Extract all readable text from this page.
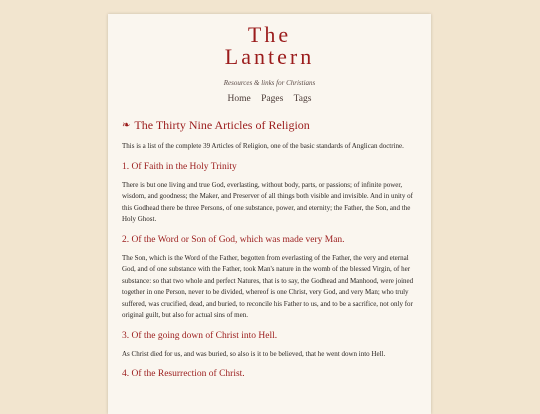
The
Lantern
Resources & links for Christians
Home Pages Tags
❧ The Thirty Nine Articles of Religion

This is a list of the complete 39 Articles of Religion, one of the basic standards of Anglican doctrine.

1. Of Faith in the Holy Trinity

There is but one living and true God, everlasting, without body, parts, or passions; of infinite power, wisdom, and goodness; the Maker, and Preserver of all things both visible and invisible. And in unity of this Godhead there be three Persons, of one substance, power, and eternity; the Father, the Son, and the Holy Ghost.

2. Of the Word or Son of God, which was made very Man.

The Son, which is the Word of the Father, begotten from everlasting of the Father, the very and eternal God, and of one substance with the Father, took Man's nature in the womb of the blessed Virgin, of her substance: so that two whole and perfect Natures, that is to say, the Godhead and Manhood, were joined together in one Person, never to be divided, whereof is one Christ, very God, and very Man; who truly suffered, was crucified, dead, and buried, to reconcile his Father to us, and to be a sacrifice, not only for original guilt, but also for actual sins of men.

3. Of the going down of Christ into Hell.

As Christ died for us, and was buried, so also is it to be believed, that he went down into Hell.

4. Of the Resurrection of Christ.
